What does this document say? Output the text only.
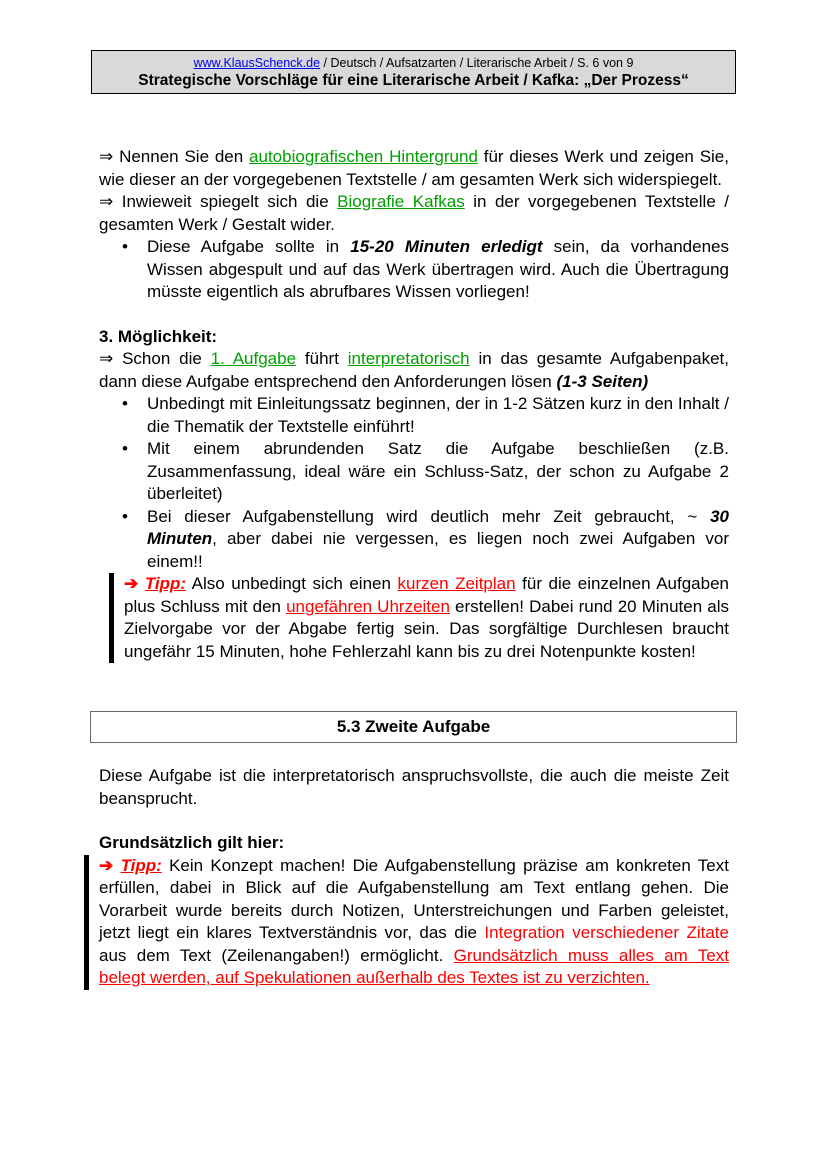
www.KlausSchenck.de / Deutsch / Aufsatzarten / Literarische Arbeit / S. 6 von 9
Strategische Vorschläge für eine Literarische Arbeit / Kafka: „Der Prozess“

⇒ Nennen Sie den autobiografischen Hintergrund für dieses Werk und zeigen Sie, wie dieser an der vorgegebenen Textstelle / am gesamten Werk sich widerspiegelt.

⇒ Inwieweit spiegelt sich die Biografie Kafkas in der vorgegebenen Textstelle / gesamten Werk / Gestalt wider.

• Diese Aufgabe sollte in 15-20 Minuten erledigt sein, da vorhandenes Wissen abgespult und auf das Werk übertragen wird. Auch die Übertragung müsste eigentlich als abrufbares Wissen vorliegen!

3. Möglichkeit:

⇒ Schon die 1. Aufgabe führt interpretatorisch in das gesamte Aufgabenpaket, dann diese Aufgabe entsprechend den Anforderungen lösen (1-3 Seiten)

• Unbedingt mit Einleitungssatz beginnen, der in 1-2 Sätzen kurz in den Inhalt / die Thematik der Textstelle einführt!
• Mit einem abrundenden Satz die Aufgabe beschließen (z.B. Zusammenfassung, ideal wäre ein Schluss-Satz, der schon zu Aufgabe 2 überleitet)
• Bei dieser Aufgabenstellung wird deutlich mehr Zeit gebraucht, ~ 30 Minuten, aber dabei nie vergessen, es liegen noch zwei Aufgaben vor einem!!

➔ Tipp: Also unbedingt sich einen kurzen Zeitplan für die einzelnen Aufgaben plus Schluss mit den ungefähren Uhrzeiten erstellen! Dabei rund 20 Minuten als Zielvorgabe vor der Abgabe fertig sein. Das sorgfältige Durchlesen braucht ungefähr 15 Minuten, hohe Fehlerzahl kann bis zu drei Notenpunkte kosten!

5.3 Zweite Aufgabe

Diese Aufgabe ist die interpretatorisch anspruchsvollste, die auch die meiste Zeit beansprucht.

Grundsätzlich gilt hier:

➔ Tipp: Kein Konzept machen! Die Aufgabenstellung präzise am konkreten Text erfüllen, dabei in Blick auf die Aufgabenstellung am Text entlang gehen. Die Vorarbeit wurde bereits durch Notizen, Unterstreichungen und Farben geleistet, jetzt liegt ein klares Textverständnis vor, das die Integration verschiedener Zitate aus dem Text (Zeilenangaben!) ermöglicht. Grundsätzlich muss alles am Text belegt werden, auf Spekulationen außerhalb des Textes ist zu verzichten.
